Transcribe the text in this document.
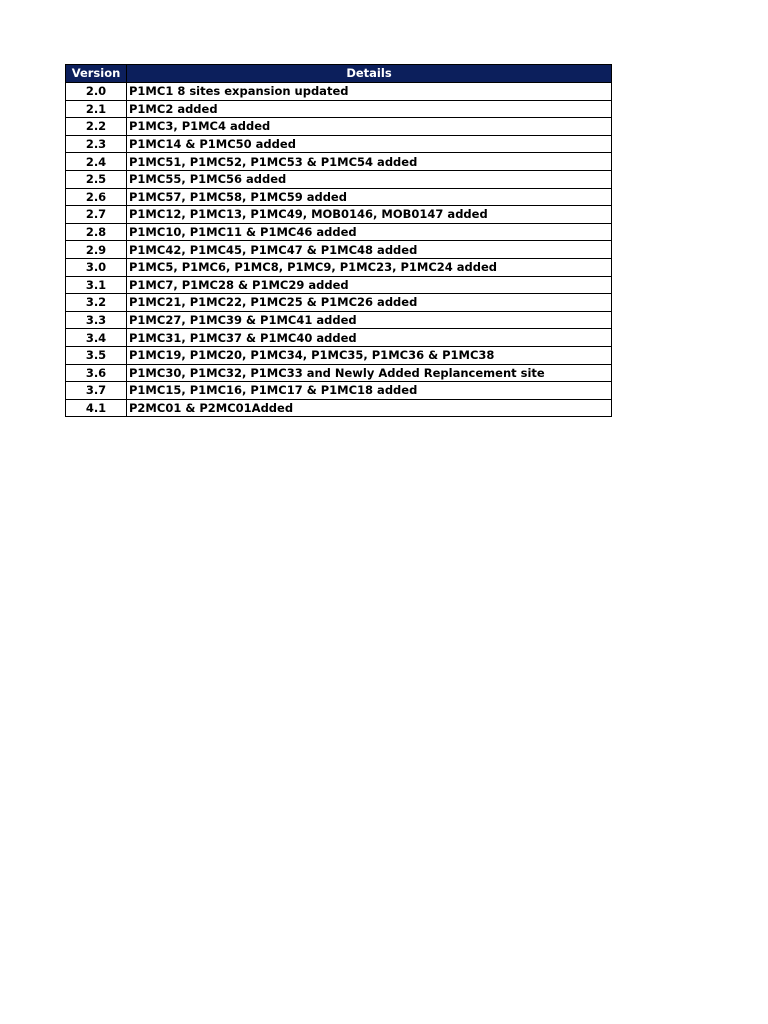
Version	Details
2.0	P1MC1 8 sites expansion updated
2.1	P1MC2 added
2.2	P1MC3, P1MC4 added
2.3	P1MC14 & P1MC50 added
2.4	P1MC51, P1MC52, P1MC53 & P1MC54 added
2.5	P1MC55, P1MC56 added
2.6	P1MC57, P1MC58, P1MC59 added
2.7	P1MC12, P1MC13, P1MC49, MOB0146, MOB0147 added
2.8	P1MC10, P1MC11 & P1MC46 added
2.9	P1MC42, P1MC45, P1MC47 & P1MC48 added
3.0	P1MC5, P1MC6, P1MC8, P1MC9, P1MC23, P1MC24 added
3.1	P1MC7, P1MC28 & P1MC29 added
3.2	P1MC21, P1MC22, P1MC25 & P1MC26 added
3.3	P1MC27, P1MC39 & P1MC41 added
3.4	P1MC31, P1MC37 & P1MC40 added
3.5	P1MC19, P1MC20, P1MC34, P1MC35, P1MC36 & P1MC38
3.6	P1MC30, P1MC32, P1MC33 and Newly Added Replancement site
3.7	P1MC15, P1MC16, P1MC17 & P1MC18 added
4.1	P2MC01 & P2MC01Added
